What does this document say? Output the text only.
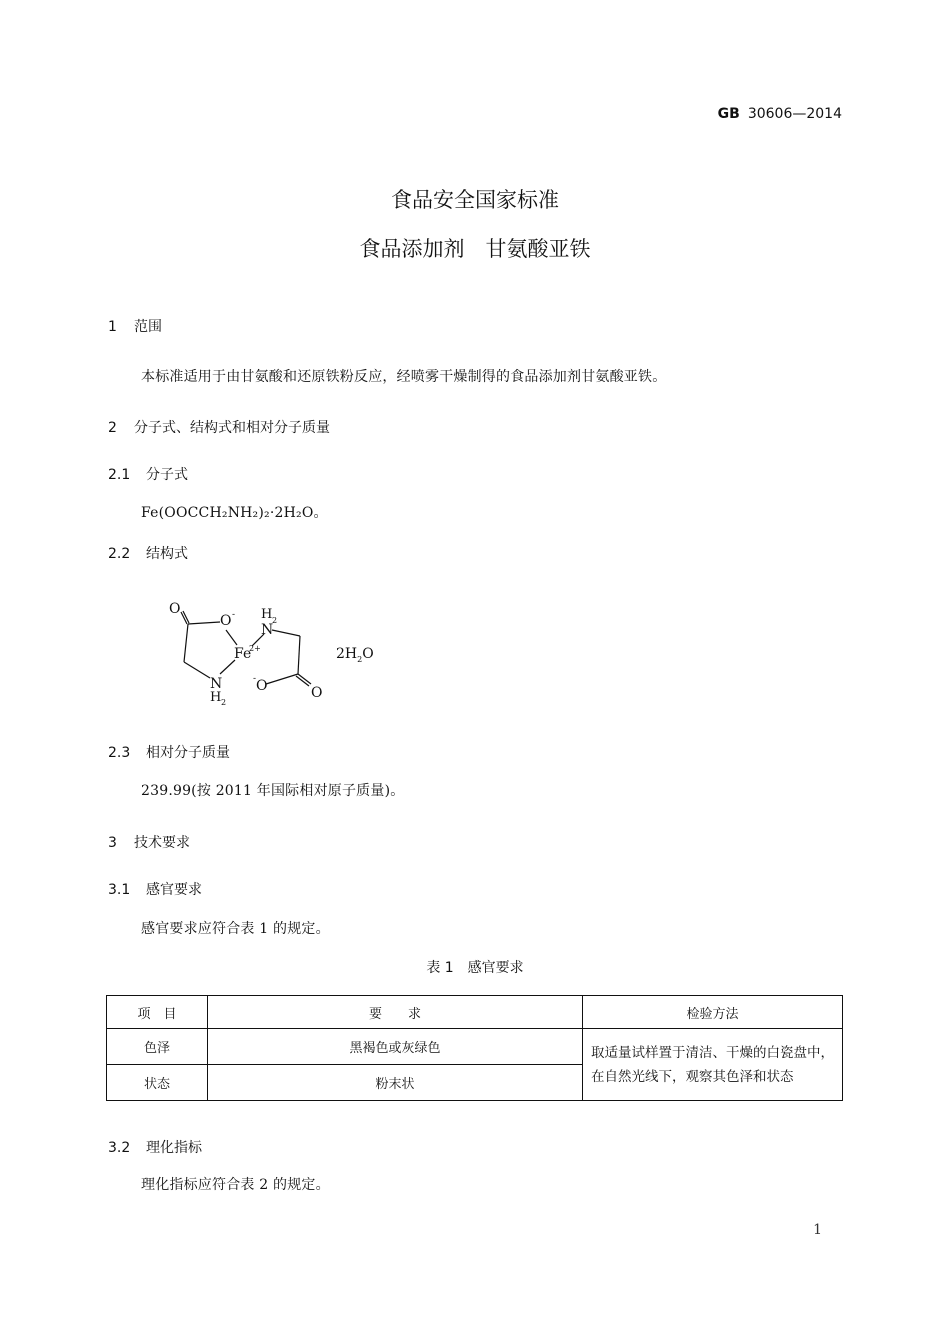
GB 30606—2014
食品安全国家标准
食品添加剂　甘氨酸亚铁
1 范围
本标准适用于由甘氨酸和还原铁粉反应，经喷雾干燥制得的食品添加剂甘氨酸亚铁。
2 分子式、结构式和相对分子质量
2.1 分子式
Fe(OOCCH₂NH₂)₂·2H₂O。
2.2 结构式
O
O - H 2
N
Fe
2+
N
H 2
O
-
O
$2H_2O$
2.3 相对分子质量
239.99(按 2011 年国际相对原子质量)。
3 技术要求
3.1 感官要求
感官要求应符合表 1 的规定。
表 1　感官要求
项　目	要　　求	检验方法
色泽	黑褐色或灰绿色	取适量试样置于清洁、干燥的白瓷盘中，在自然光线下，观察其色泽和状态
状态	粉末状	
3.2 理化指标
理化指标应符合表 2 的规定。
1
